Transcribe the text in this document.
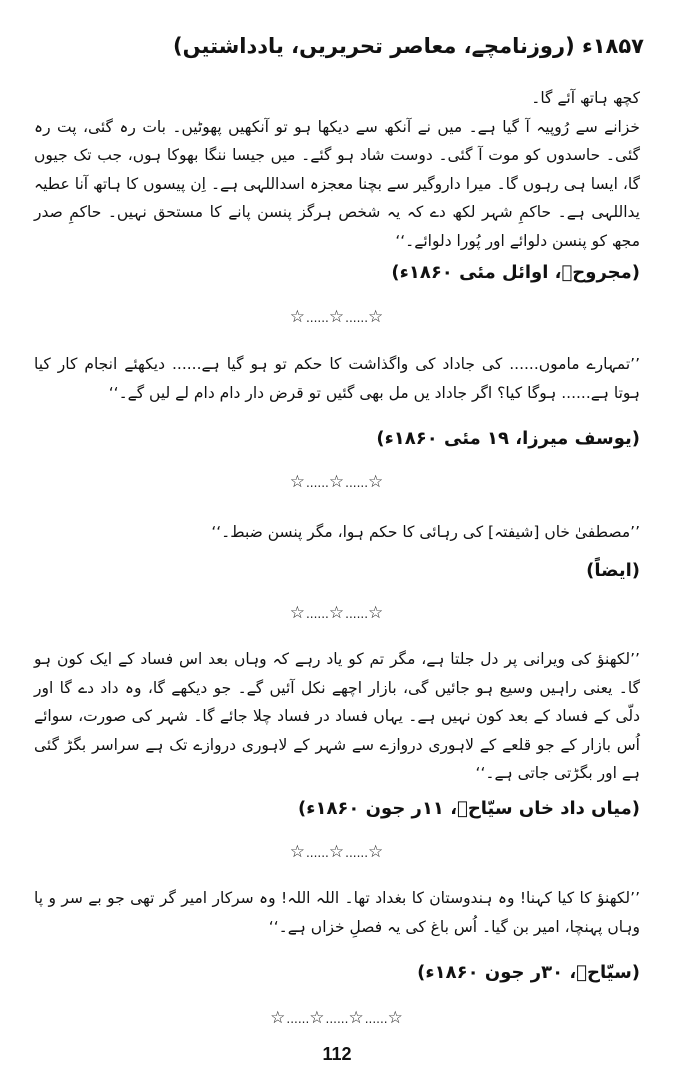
۱۸۵۷ء (روزنامچے، معاصر تحریریں، یادداشتیں)

کچھ ہاتھ آئے گا۔

خزانے سے رُوپیہ آ گیا ہے۔ میں نے آنکھ سے دیکھا ہو تو آنکھیں پھوٹیں۔ بات رہ گئی، پت رہ گئی۔ حاسدوں کو موت آ گئی۔ دوست شاد ہو گئے۔ میں جیسا ننگا بھوکا ہوں، جب تک جیوں گا، ایسا ہی رہوں گا۔ میرا داروگیر سے بچنا معجزہ اسداللہی ہے۔ اِن پیسوں کا ہاتھ آنا عطیہ یداللہی ہے۔ حاکمِ شہر لکھ دے کہ یہ شخص ہرگز پنسن پانے کا مستحق نہیں۔ حاکمِ صدر مجھ کو پنسن دلوائے اور پُورا دلوائے۔‘‘

(مجروحؔ، اوائل مئی ۱۸۶۰ء)
☆......☆......☆
’’تمہارے ماموں...... کی جاداد کی واگذاشت کا حکم تو ہو گیا ہے...... دیکھئے انجام کار کیا ہوتا ہے...... ہوگا کیا؟ اگر جاداد یں مل بھی گئیں تو قرض دار دام دام لے لیں گے۔‘‘
(یوسف میرزا، ۱۹ مئی ۱۸۶۰ء)
☆......☆......☆
’’مصطفیٰ خاں [شیفتہ] کی رہائی کا حکم ہوا، مگر پنسن ضبط۔‘‘
(ایضاً)
☆......☆......☆
’’لکھنؤ کی ویرانی پر دل جلتا ہے، مگر تم کو یاد رہے کہ وہاں بعد اس فساد کے ایک کون ہو گا۔ یعنی راہیں وسیع ہو جائیں گی، بازار اچھے نکل آئیں گے۔ جو دیکھے گا، وہ داد دے گا اور دلّی کے فساد کے بعد کون نہیں ہے۔ یہاں فساد در فساد چلا جائے گا۔ شہر کی صورت، سوائے اُس بازار کے جو قلعے کے لاہوری دروازے سے شہر کے لاہوری دروازے تک ہے سراسر بگڑ گئی ہے اور بگڑتی جاتی ہے۔‘‘
(میاں داد خاں سیّاحؔ، ۱۱ر جون ۱۸۶۰ء)
☆......☆......☆
’’لکھنؤ کا کیا کہنا! وہ ہندوستان کا بغداد تھا۔ اللہ اللہ! وہ سرکار امیر گر تھی جو بے سر و پا وہاں پہنچا، امیر بن گیا۔ اُس باغ کی یہ فصلِ خزاں ہے۔‘‘
(سیّاحؔ، ۳۰ر جون ۱۸۶۰ء)
☆......☆......☆......☆
112
